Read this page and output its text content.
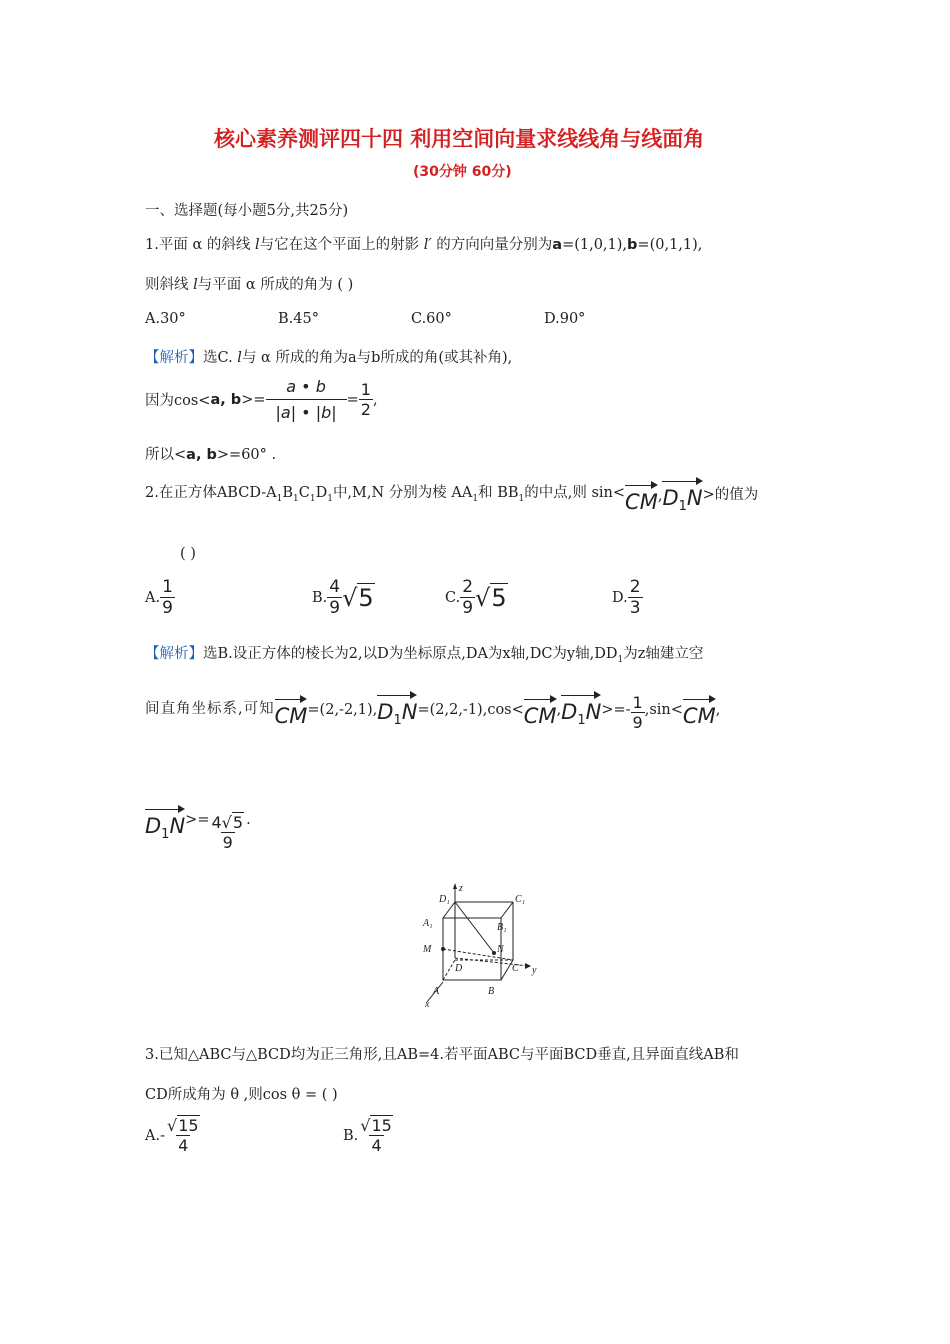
核心素养测评四十四 利用空间向量求线线角与线面角
(30分钟 60分)
一、选择题(每小题5分,共25分)
1.平面 α 的斜线 l与它在这个平面上的射影 l′ 的方向向量分别为a=(1,0,1),b=(0,1,1),
则斜线 l与平面 α 所成的角为 ( )
A.30°	B.45°	C.60°	D.90°
【解析】选C. l与 α 所成的角为a与b所成的角(或其补角),
因为cos< a, $b >= \frac{a • b}{|a| • |b|} = \frac{1}{2}$ ,
所以<a, b>=60° .
2.在正方体ABCD-$A_1B_1C_1D_1$中,M,N 分别为棱 $AA_1$和 $BB_1$的中点,则 sin< CM , $D_1N$ >的值为
( )
A. $\frac{1}{9}$	B. $\frac{4}{9} √5$	C. $\frac{2}{9} √5$	D. $\frac{2}{3}$
【解析】选B.设正方体的棱长为2,以D为坐标原点,DA为x轴,DC为y轴$,DD_1$为z轴建立空
间直角坐标系,可知 CM =(2,-2,1), $D_1N =(2,2,-1),\cos<$ CM , $D_1N$ >=- $\frac{1}{9} ,\sin<$ CM ,
$D_1N >= \frac{4√5}{9}$ .
z
y
x
D₁	C₁
A₁	B₁
M	N
D	C
A	B
3.已知△ABC与△BCD均为正三角形,且AB=4.若平面ABC与平面BCD垂直,且异面直线AB和
CD所成角为 θ ,则cos θ = ( )
$A.- \frac{√15}{4}$	B. $\frac{√15}{4}$
